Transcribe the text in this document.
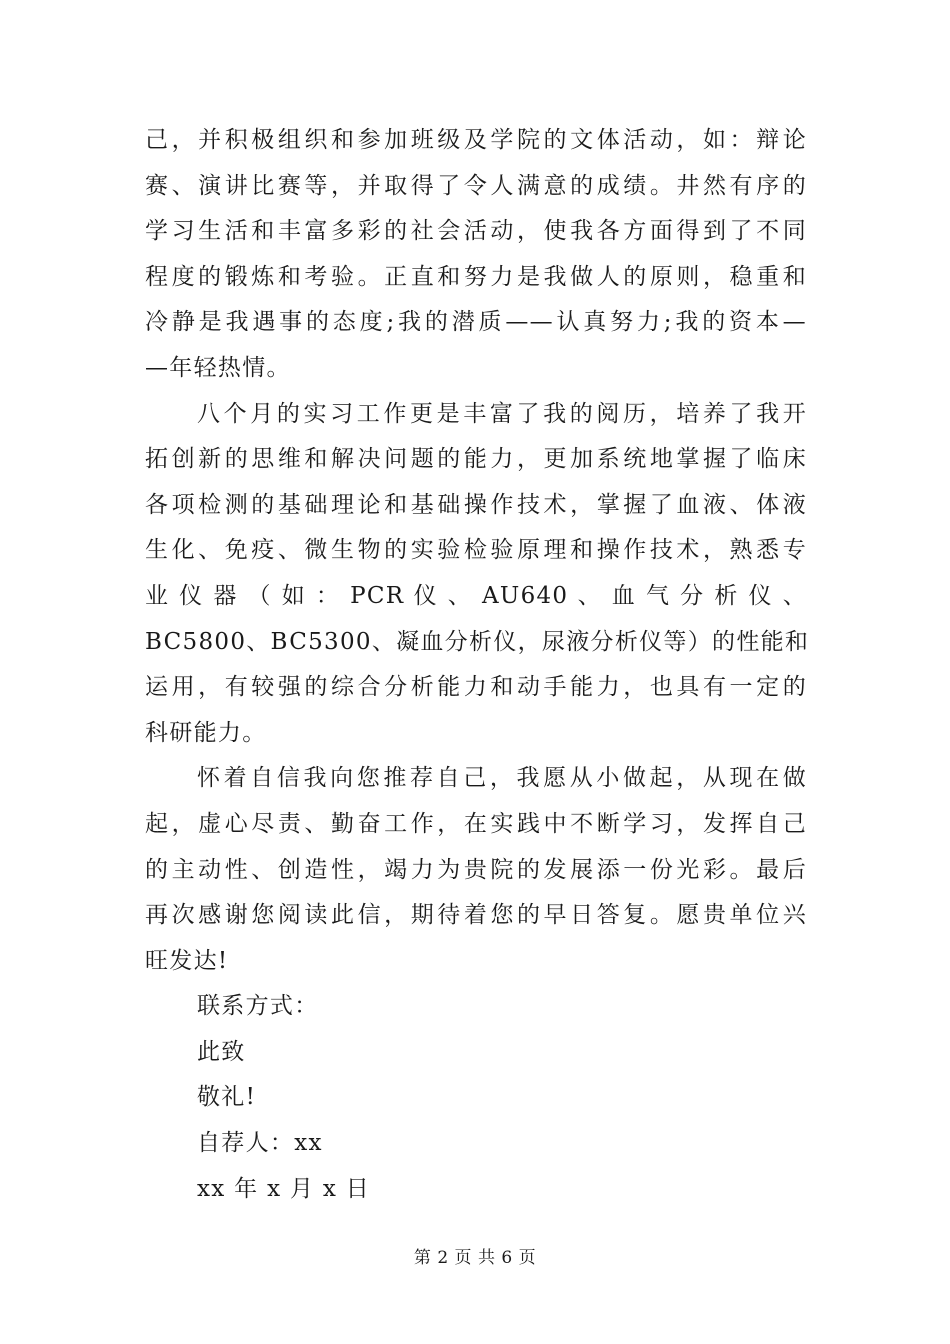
己，并积极组织和参加班级及学院的文体活动，如：辩论
赛、演讲比赛等，并取得了令人满意的成绩。井然有序的
学习生活和丰富多彩的社会活动，使我各方面得到了不同
程度的锻炼和考验。正直和努力是我做人的原则，稳重和
冷静是我遇事的态度;我的潜质——认真努力;我的资本—
—年轻热情。
八个月的实习工作更是丰富了我的阅历，培养了我开
拓创新的思维和解决问题的能力，更加系统地掌握了临床
各项检测的基础理论和基础操作技术，掌握了血液、体液
生化、免疫、微生物的实验检验原理和操作技术，熟悉专
业 仪 器 （ 如 ： PCR 仪 、 AU640 、 血 气 分 析 仪 、
BC5800、BC5300、凝血分析仪，尿液分析仪等）的性能和
运用，有较强的综合分析能力和动手能力，也具有一定的
科研能力。
怀着自信我向您推荐自己，我愿从小做起，从现在做
起，虚心尽责、勤奋工作，在实践中不断学习，发挥自己
的主动性、创造性，竭力为贵院的发展添一份光彩。最后
再次感谢您阅读此信，期待着您的早日答复。愿贵单位兴
旺发达!
联系方式：
此致
敬礼!
自荐人：xx
xx 年 x 月 x 日
第 2 页 共 6 页
